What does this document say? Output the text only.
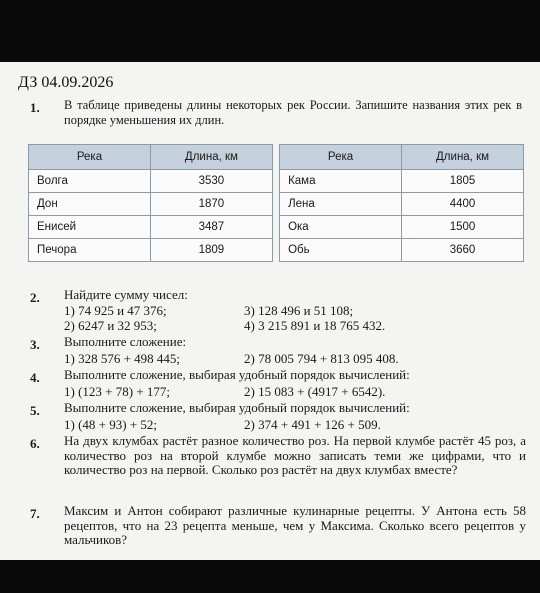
ДЗ 04.09.2026
1. В таблице приведены длины некоторых рек России. Запишите названия этих рек в порядке уменьшения их длин.
Река	Длина, км		Река	Длина, км
Волга	3530		Кама	1805
Дон	1870		Лена	4400
Енисей	3487		Ока	1500
Печора	1809		Обь	3660
2. Найдите сумму чисел:
1) 74 925 и 47 376;	3) 128 496 и 51 108;
2) 6247 и 32 953;	4) 3 215 891 и 18 765 432.
3. Выполните сложение:
1) 328 576 + 498 445;	2) 78 005 794 + 813 095 408.
4. Выполните сложение, выбирая удобный порядок вычислений:
1) (123 + 78) + 177;	2) 15 083 + (4917 + 6542).
5. Выполните сложение, выбирая удобный порядок вычислений:
1) (48 + 93) + 52;	2) 374 + 491 + 126 + 509.
6. На двух клумбах растёт разное количество роз. На первой клумбе растёт 45 роз, а количество роз на второй клумбе можно записать теми же цифрами, что и количество роз на первой. Сколько роз растёт на двух клумбах вместе?
7. Максим и Антон собирают различные кулинарные рецепты. У Антона есть 58 рецептов, что на 23 рецепта меньше, чем у Максима. Сколько всего рецептов у мальчиков?
